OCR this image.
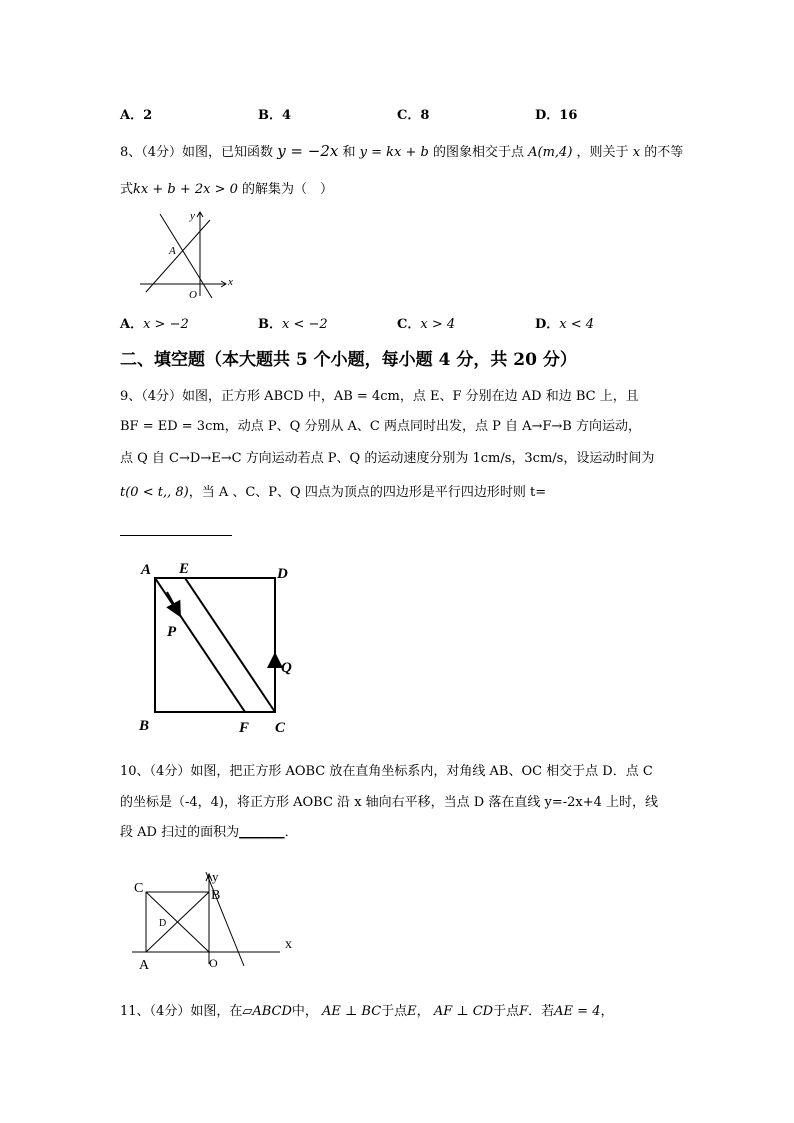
A．2	B．4	C．8	D．16
8、（4分）如图，已知函数 y = −2x 和 y = kx + b 的图象相交于点 A(m,4) ，则关于 x 的不等
式kx + b + 2x > 0 的解集为（　）
y
x
A
O
A．x > −2	B．x < −2	C．x > 4	D．x < 4
二、填空题（本大题共 5 个小题，每小题 4 分，共 20 分）
9、（4分）如图，正方形 ABCD 中，AB = 4cm，点 E、F 分别在边 AD 和边 BC 上，且
BF = ED = 3cm，动点 P、Q 分别从 A、C 两点同时出发，点 P 自 A→F→B 方向运动，
点 Q 自 C→D→E→C 方向运动若点 P、Q 的运动速度分别为 1cm/s，3cm/s，设运动时间为
t(0 < t,, 8)，当 A 、C、P、Q 四点为顶点的四边形是平行四边形时则 t=
A E	D
P
Q
B	F C
10、（4分）如图，把正方形 AOBC 放在直角坐标系内，对角线 AB、OC 相交于点 D．点 C
的坐标是（-4，4)，将正方形 AOBC 沿 x 轴向右平移，当点 D 落在直线 y=-2x+4 上时，线
段 AD 扫过的面积为_______．
C
y
B
D
x
A	O
11、（4分）如图，在▱ABCD中， AE ⊥ BC于点E， AF ⊥ CD于点F．若AE = 4，
